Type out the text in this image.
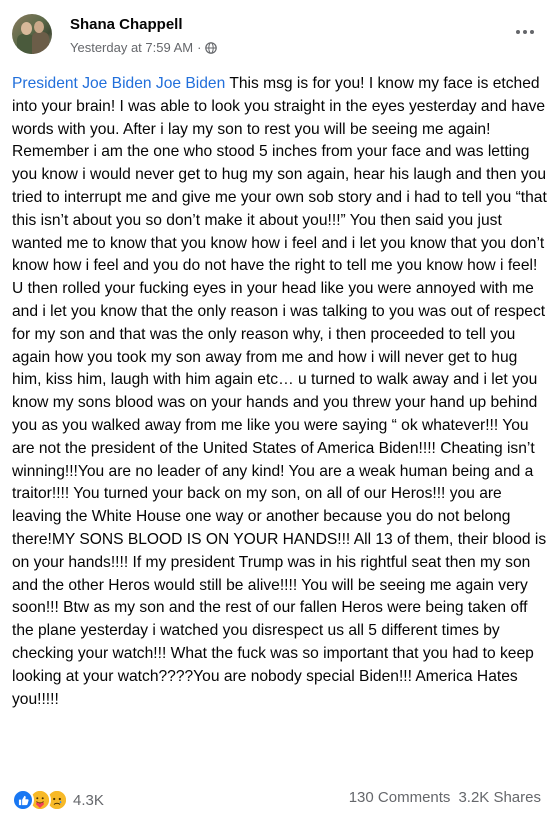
Shana Chappell
Yesterday at 7:59 AM ·
President Joe Biden Joe Biden This msg is for you! I know my face is etched into your brain! I was able to look you straight in the eyes yesterday and have words with you. After i lay my son to rest you will be seeing me again! Remember i am the one who stood 5 inches from your face and was letting you know i would never get to hug my son again, hear his laugh and then you tried to interrupt me and give me your own sob story and i had to tell you “that this isn’t about you so don’t make it about you!!!” You then said you just wanted me to know that you know how i feel and i let you know that you don’t know how i feel and you do not have the right to tell me you know how i feel! U then rolled your fucking eyes in your head like you were annoyed with me and i let you know that the only reason i was talking to you was out of respect for my son and that was the only reason why, i then proceeded to tell you again how you took my son away from me and how i will never get to hug him, kiss him, laugh with him again etc… u turned to walk away and i let you know my sons blood was on your hands and you threw your hand up behind you as you walked away from me like you were saying “ ok whatever!!! You are not the president of the United States of America Biden!!!! Cheating isn’t winning!!!You are no leader of any kind! You are a weak human being and a traitor!!!! You turned your back on my son, on all of our Heros!!! you are leaving the White House one way or another because you do not belong there!MY SONS BLOOD IS ON YOUR HANDS!!! All 13 of them, their blood is on your hands!!!! If my president Trump was in his rightful seat then my son and the other Heros would still be alive!!!! You will be seeing me again very soon!!! Btw as my son and the rest of our fallen Heros were being taken off the plane yesterday i watched you disrespect us all 5 different times by checking your watch!!! What the fuck was so important that you had to keep looking at your watch????You are nobody special Biden!!! America Hates you!!!!!
4.3K	130 Comments 3.2K Shares
